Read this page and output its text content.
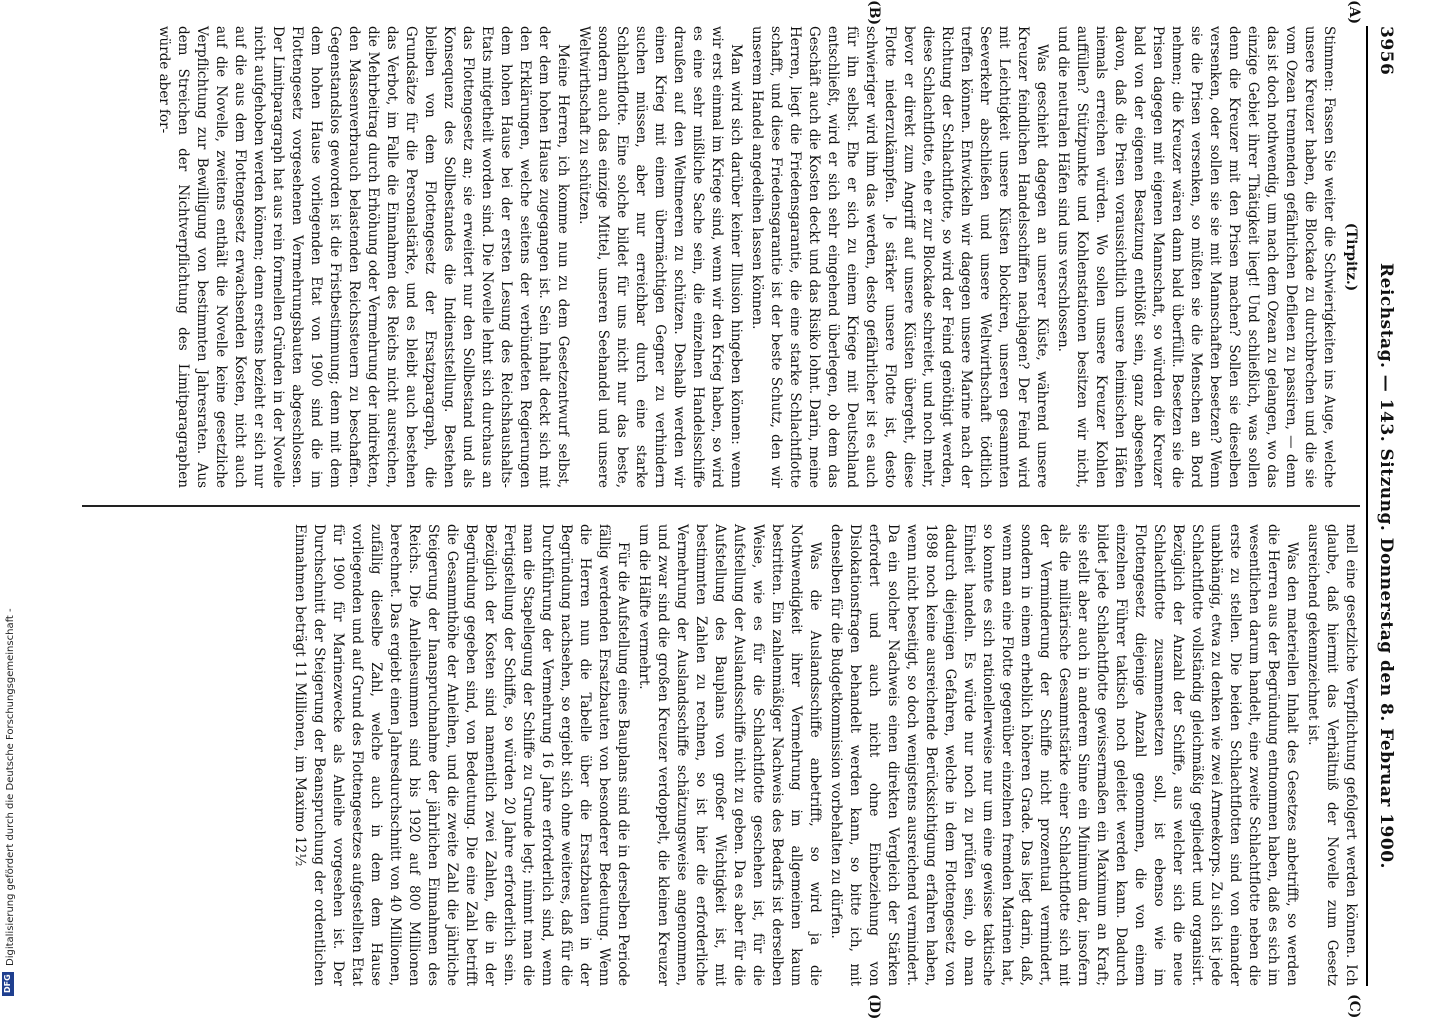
3956
Reichstag. — 143. Sitzung. Donnerstag den 8. Februar 1900.
(A)
(B)
(C)
(D)

(Tirpitz.)

Stimmen: Fassen Sie weiter die Schwierigkeiten ins Auge, welche unsere Kreuzer haben, die Blockade zu durchbrechen und die sie vom Ozean trennenden gefährlichen Defileen zu passiren, — denn das ist doch nothwendig, um nach dem Ozean zu gelangen, wo das einzige Gebiet ihrer Thätigkeit liegt! Und schließlich, was sollen denn die Kreuzer mit den Prisen machen? Sollen sie dieselben versenken, oder sollen sie sie mit Mannschaften besetzen? Wenn sie die Prisen versenken, so müßten sie die Menschen an Bord nehmen; die Kreuzer wären dann bald überfüllt. Besetzen sie die Prisen dagegen mit eigenen Mannschaft, so würden die Kreuzer bald von der eigenen Besatzung entblößt sein, ganz abgesehen davon, daß die Prisen voraussichtlich unsere heimischen Häfen niemals erreichen würden. Wo sollen unsere Kreuzer Kohlen auffüllen? Stützpunkte und Kohlenstationen besitzen wir nicht, und die neutralen Häfen sind uns verschlossen.

Was geschieht dagegen an unserer Küste, während unsere Kreuzer feindlichen Handelsschiffen nachjagen? Der Feind wird mit Leichtigkeit unsere Küsten blockiren, unseren gesammten Seeverkehr abschließen und unsere Weltwirthschaft tödtlich treffen können. Entwickeln wir dagegen unsere Marine nach der Richtung der Schlachtflotte, so wird der Feind genöthigt werden, diese Schlachtflotte, ehe er zur Blockade schreitet, und noch mehr, bevor er direkt zum Angriff auf unsere Küsten übergeht, diese Flotte niederzukämpfen. Je stärker unsere Flotte ist, desto schwieriger wird ihm das werden, desto gefährlicher ist es auch für ihn selbst. Ehe er sich zu einem Kriege mit Deutschland entschließt, wird er sich sehr eingehend überlegen, ob dem das Geschäft auch die Kosten deckt und das Risiko lohnt. Darin, meine Herren, liegt die Friedensgarantie, die eine starke Schlachtflotte schafft, und diese Friedensgarantie ist der beste Schutz, den wir unserem Handel angedeihen lassen können.

Man wird sich darüber keiner Illusion hingeben können: wenn wir erst einmal im Kriege sind, wenn wir den Krieg haben, so wird es eine sehr mißliche Sache sein, die einzelnen Handelsschiffe draußen auf den Weltmeeren zu schützen. Deshalb werden wir einen Krieg mit einem übermächtigen Gegner zu verhindern suchen müssen, aber nur erreichbar durch eine starke Schlachtflotte. Eine solche bildet für uns nicht nur das beste, sondern auch das einzige Mittel, unseren Seehandel und unsere Weltwirthschaft zu schützen.

Meine Herren, ich komme nun zu dem Gesetzentwurf selbst, der dem hohen Hause zugegangen ist. Sein Inhalt deckt sich mit den Erklärungen, welche seitens der verbündeten Regierungen dem hohen Hause bei der ersten Lesung des Reichshaushalts-Etats mitgetheilt worden sind. Die Novelle lehnt sich durchaus an das Flottengesetz an; sie erweitert nur den Sollbestand und als Konsequenz des Sollbestandes die Indienststellung. Bestehen bleiben von dem Flottengesetz der Ersatzparagraph, die Grundsätze für die Personalstärke, und es bleibt auch bestehen das Verbot, im Falle die Einnahmen des Reichs nicht ausreichen, die Mehrbeitrag durch Erhöhung oder Vermehrung der indirekten, den Massenverbrauch belastenden Reichssteuern zu beschaffen. Gegenstandslos geworden ist die Fristbestimmung; denn mit dem dem hohen Hause vorliegenden Etat von 1900 sind die im Flottengesetz vorgesehenen Vermehrungsbauten abgeschlossen. Der Limitparagraph hat aus rein formellen Gründen in der Novelle nicht aufgehoben werden können; denn erstens bezieht er sich nur auf die aus dem Flottengesetz erwachsenden Kosten, nicht auch auf die Novelle, zweitens enthält die Novelle keine gesetzliche Verpflichtung zur Bewilligung von bestimmten Jahresraten. Aus dem Streichen der Nichtverpflichtung des Limitparagraphen würde aber for-

mell eine gesetzliche Verpflichtung gefolgert werden können. Ich glaube, daß hiermit das Verhältniß der Novelle zum Gesetz ausreichend gekennzeichnet ist.

Was den materiellen Inhalt des Gesetzes anbetrifft, so werden die Herren aus der Begründung entnommen haben, daß es sich im wesentlichen darum handelt, eine zweite Schlachtflotte neben die erste zu stellen. Die beiden Schlachtflotten sind von einander unabhängig, etwa zu denken wie zwei Armeekorps. Zu sich ist jede Schlachtflotte vollständig gleichmäßig gegliedert und organisirt. Bezüglich der Anzahl der Schiffe, aus welcher sich die neue Schlachtflotte zusammensetzen soll, ist ebenso wie im Flottengesetz diejenige Anzahl genommen, die von einem einzelnen Führer taktisch noch geleitet werden kann. Dadurch bildet jede Schlachtflotte gewissermaßen ein Maximum an Kraft; sie stellt aber auch in anderem Sinne ein Minimum dar, insofern als die militärische Gesammtstärke einer Schlachtflotte sich mit der Verminderung der Schiffe nicht prozentual vermindert, sondern in einem erheblich höheren Grade. Das liegt darin, daß, wenn man eine Flotte gegenüber einzelnen fremden Marinen hat, so konnte es sich rationellerweise nur um eine gewisse taktische Einheit handeln. Es würde nur noch zu prüfen sein, ob man dadurch diejenigen Gefahren, welche in dem Flottengesetz von 1898 noch keine ausreichende Berücksichtigung erfahren haben, wenn nicht beseitigt, so doch wenigstens ausreichend vermindert. Da ein solcher Nachweis einen direkten Vergleich der Stärken erfordert und auch nicht ohne Einbeziehung von Dislokationsfragen behandelt werden kann, so bitte ich, mit denselben für die Budgetkommission vorbehalten zu dürfen.

Was die Auslandsschiffe anbetrifft, so wird ja die Nothwendigkeit ihrer Vermehrung im allgemeinen kaum bestritten. Ein zahlenmäßiger Nachweis des Bedarfs ist derselben Weise, wie es für die Schlachtflotte geschehen ist, für die Aufstellung der Auslandsschiffe nicht zu geben. Da es aber für die Aufstellung des Bauplans von großer Wichtigkeit ist, mit bestimmten Zahlen zu rechnen, so ist hier die erforderliche Vermehrung der Auslandsschiffe schätzungsweise angenommen, und zwar sind die großen Kreuzer verdoppelt, die kleinen Kreuzer um die Hälfte vermehrt.

Für die Aufstellung eines Bauplans sind die in derselben Periode fällig werdenden Ersatzbauten von besonderer Bedeutung. Wenn die Herren nun die Tabelle über die Ersatzbauten in der Begründung nachsehen, so ergiebt sich ohne weiteres, daß für die Durchführung der Vermehrung 16 Jahre erforderlich sind, wenn man die Stapellegung der Schiffe zu Grunde legt; nimmt man die Fertigstellung der Schiffe, so würden 20 Jahre erforderlich sein. Bezüglich der Kosten sind namentlich zwei Zahlen, die in der Begründung gegeben sind, von Bedeutung. Die eine Zahl betrifft die Gesammthöhe der Anleihen, und die zweite Zahl die jährliche Steigerung der Inanspruchnahme der jährlichen Einnahmen des Reichs. Die Anleihesummen sind bis 1920 auf 800 Millionen berechnet. Das ergiebt einen Jahresdurchschnitt von 40 Millionen, zufällig dieselbe Zahl, welche auch in dem dem Hause vorliegenden und auf Grund des Flottengesetzes aufgestellten Etat für 1900 für Marinezwecke als Anleihe vorgesehen ist. Der Durchschnitt der Steigerung der Beanspruchung der ordentlichen Einnahmen beträgt 11 Millionen, im Maximo 12½

Digitalisierung gefördert durch die Deutsche Forschungsgemeinschaft -
DFG
